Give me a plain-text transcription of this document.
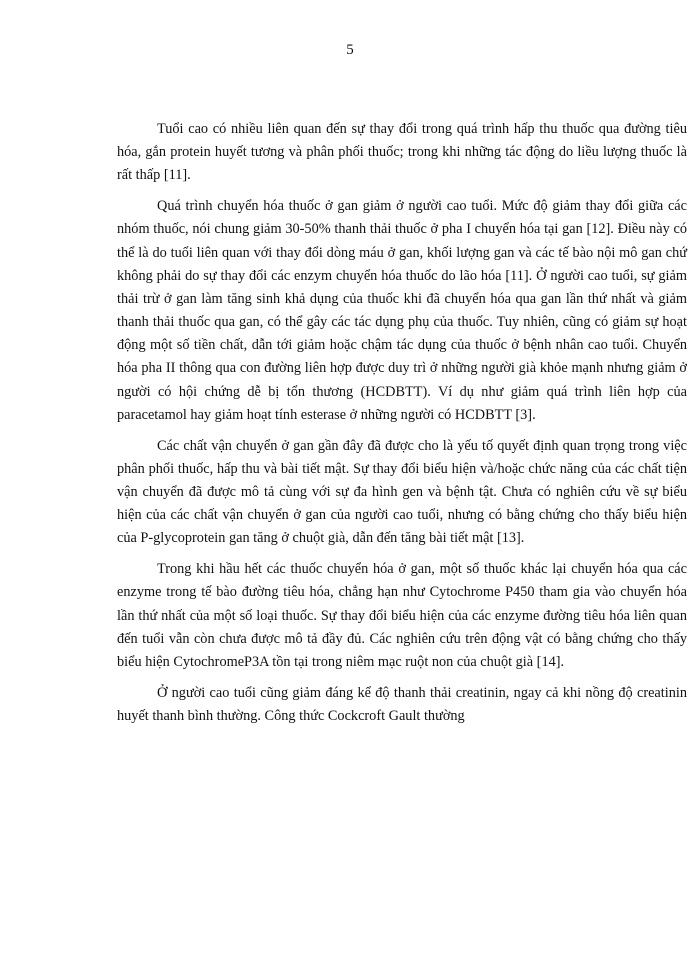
5

Tuổi cao có nhiều liên quan đến sự thay đổi trong quá trình hấp thu thuốc qua đường tiêu hóa, gắn protein huyết tương và phân phối thuốc; trong khi những tác động do liều lượng thuốc là rất thấp [11].

Quá trình chuyển hóa thuốc ở gan giảm ở người cao tuổi. Mức độ giảm thay đổi giữa các nhóm thuốc, nói chung giảm 30-50% thanh thải thuốc ở pha I chuyển hóa tại gan [12]. Điều này có thể là do tuổi liên quan với thay đổi dòng máu ở gan, khối lượng gan và các tế bào nội mô gan chứ không phải do sự thay đổi các enzym chuyển hóa thuốc do lão hóa [11]. Ở người cao tuổi, sự giảm thải trừ ở gan làm tăng sinh khả dụng của thuốc khi đã chuyển hóa qua gan lần thứ nhất và giảm thanh thải thuốc qua gan, có thể gây các tác dụng phụ của thuốc. Tuy nhiên, cũng có giảm sự hoạt động một số tiền chất, dẫn tới giảm hoặc chậm tác dụng của thuốc ở bệnh nhân cao tuổi. Chuyển hóa pha II thông qua con đường liên hợp được duy trì ở những người già khỏe mạnh nhưng giảm ở người có hội chứng dễ bị tổn thương (HCDBTT). Ví dụ như giảm quá trình liên hợp của paracetamol hay giảm hoạt tính esterase ở những người có HCDBTT [3].

Các chất vận chuyển ở gan gần đây đã được cho là yếu tố quyết định quan trọng trong việc phân phối thuốc, hấp thu và bài tiết mật. Sự thay đổi biểu hiện và/hoặc chức năng của các chất tiện vận chuyển đã được mô tả cùng với sự đa hình gen và bệnh tật. Chưa có nghiên cứu về sự biểu hiện của các chất vận chuyển ở gan của người cao tuổi, nhưng có bằng chứng cho thấy biểu hiện của P-glycoprotein gan tăng ở chuột già, dẫn đến tăng bài tiết mật [13].

Trong khi hầu hết các thuốc chuyển hóa ở gan, một số thuốc khác lại chuyển hóa qua các enzyme trong tế bào đường tiêu hóa, chẳng hạn như Cytochrome P450 tham gia vào chuyển hóa lần thứ nhất của một số loại thuốc. Sự thay đổi biểu hiện của các enzyme đường tiêu hóa liên quan đến tuổi vẫn còn chưa được mô tả đầy đủ. Các nghiên cứu trên động vật có bằng chứng cho thấy biểu hiện CytochromeP3A tồn tại trong niêm mạc ruột non của chuột già [14].

Ở người cao tuổi cũng giảm đáng kể độ thanh thải creatinin, ngay cả khi nồng độ creatinin huyết thanh bình thường. Công thức Cockcroft Gault thường
